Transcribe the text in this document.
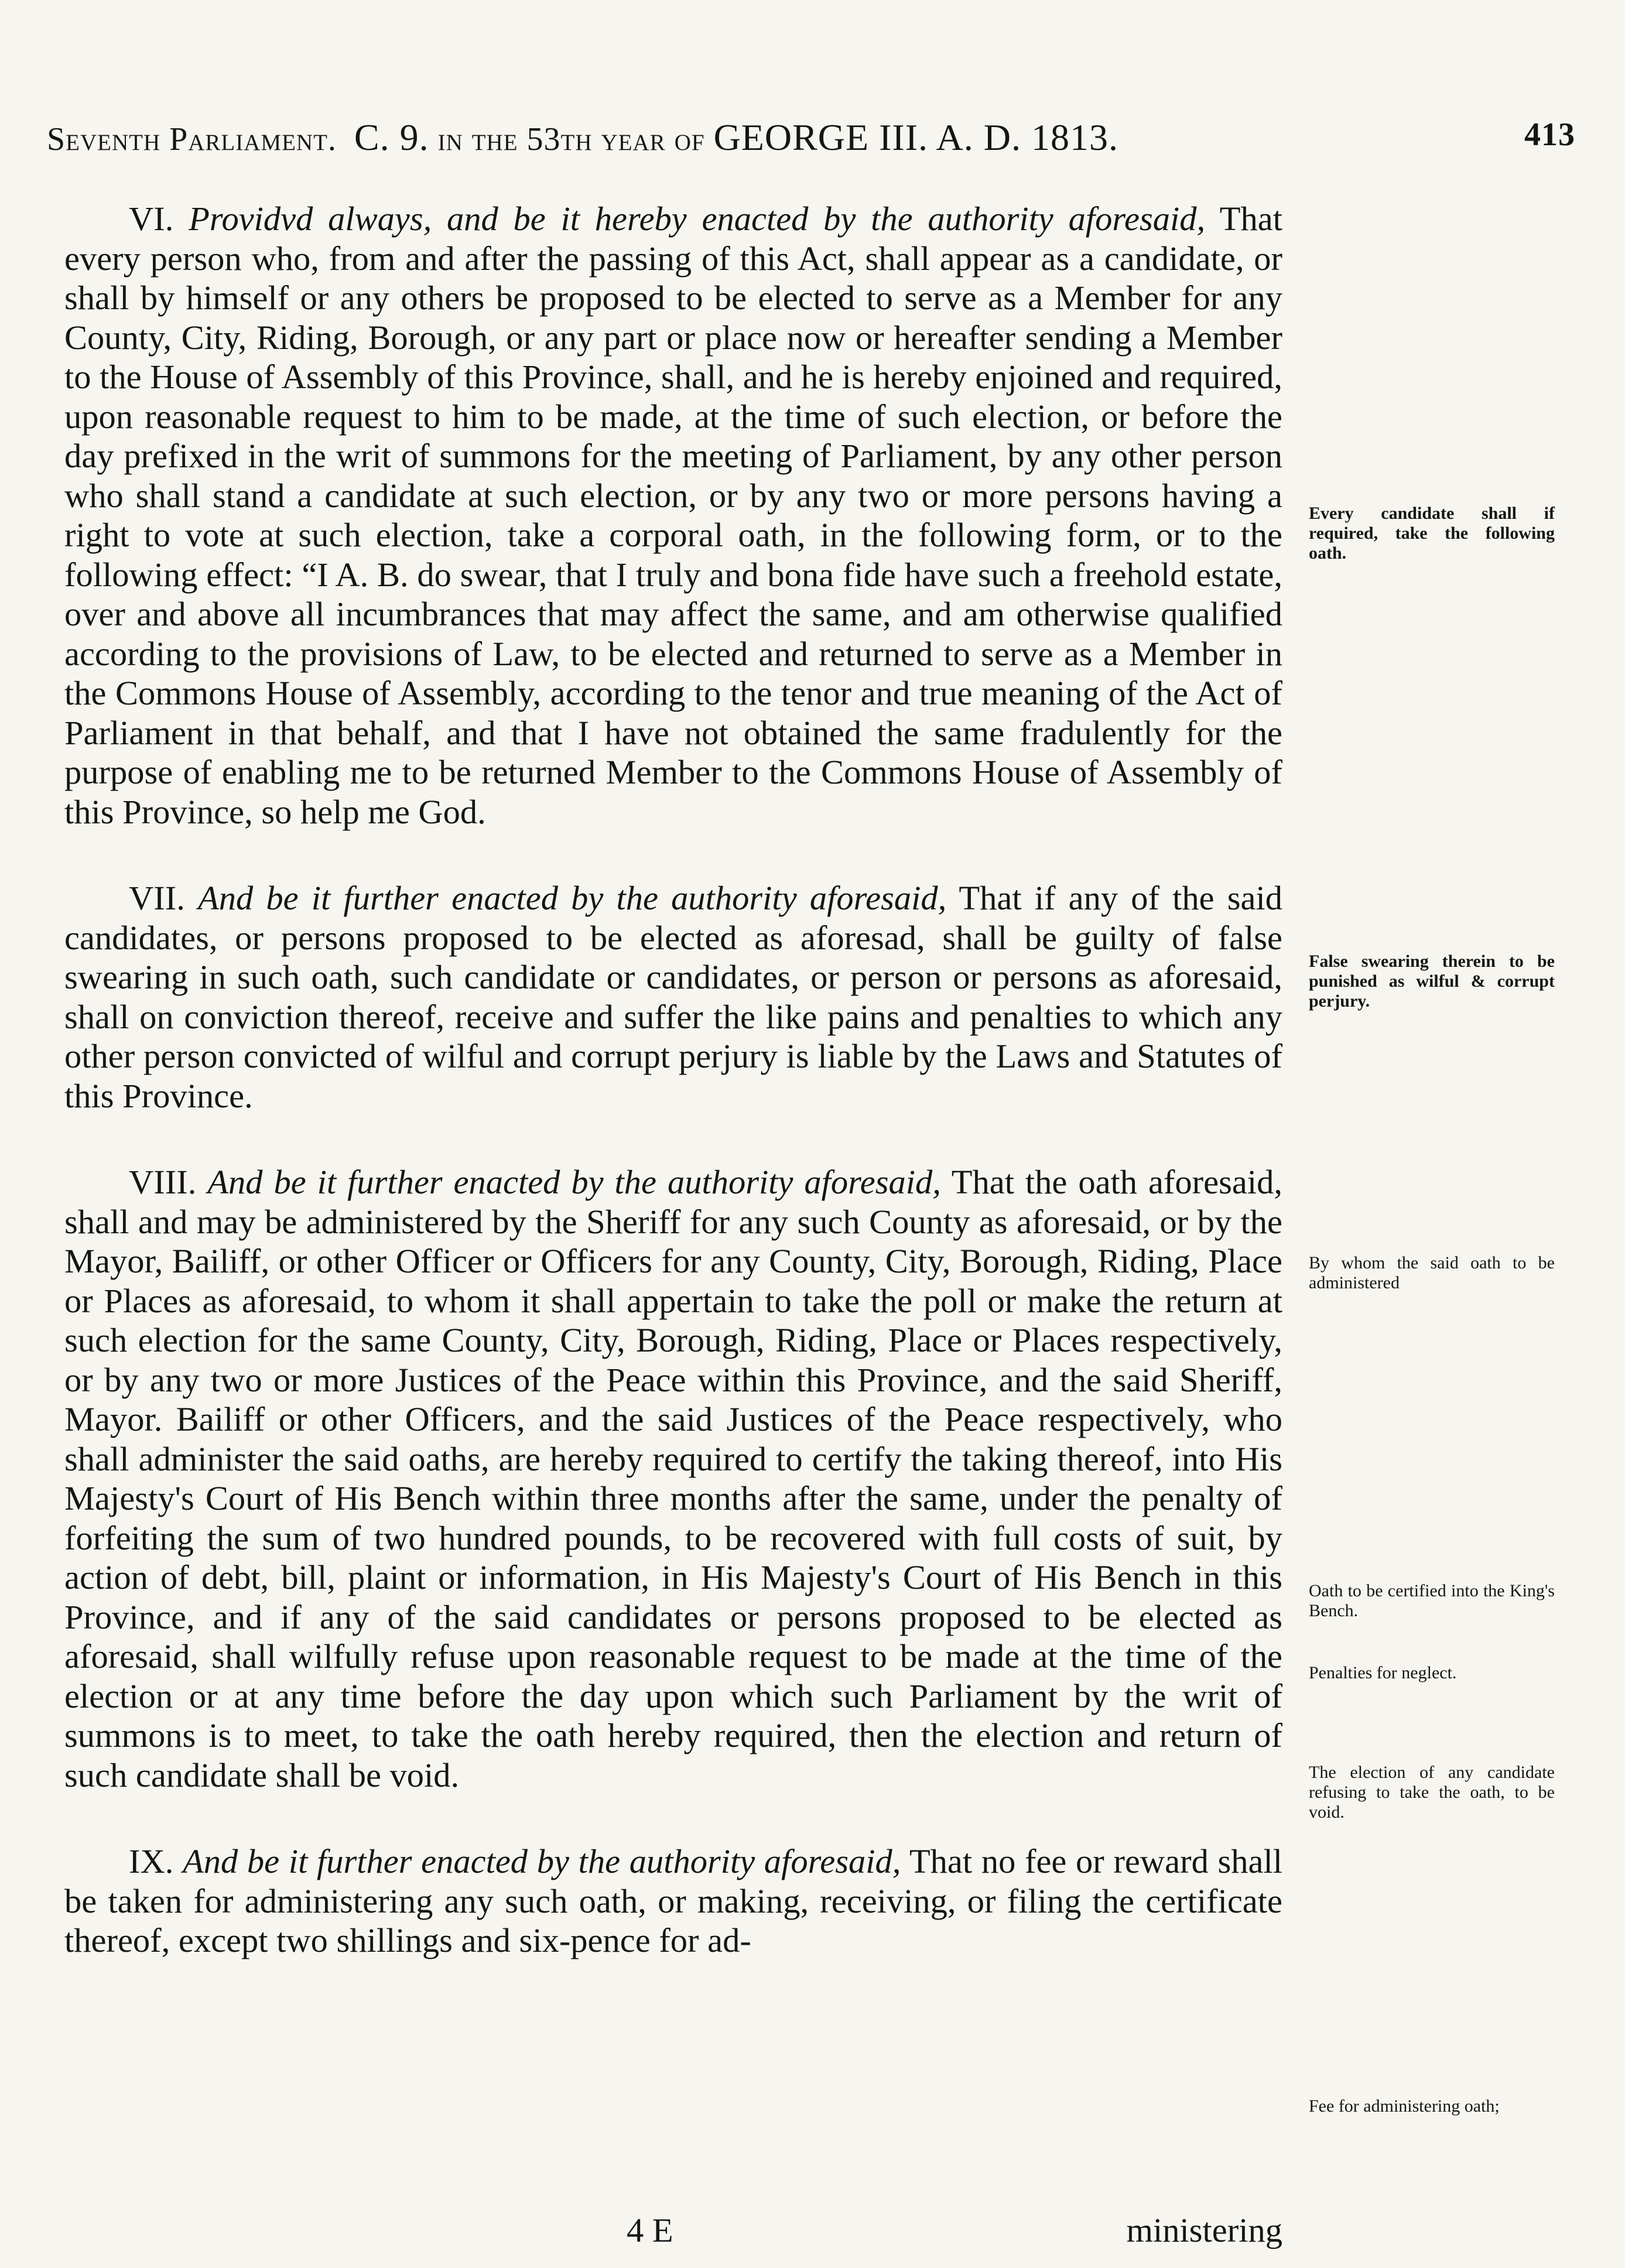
Seventh Parliament. C. 9. in the 53th year of GEORGE III. A. D. 1813.	413

VI. Providvd always, and be it hereby enacted by the authority aforesaid, That every person who, from and after the passing of this Act, shall appear as a candidate, or shall by himself or any others be proposed to be elected to serve as a Member for any County, City, Riding, Borough, or any part or place now or hereafter sending a Member to the House of Assembly of this Province, shall, and he is hereby enjoined and required, upon reasonable request to him to be made, at the time of such election, or before the day prefixed in the writ of summons for the meeting of Parliament, by any other person who shall stand a candidate at such election, or by any two or more persons having a right to vote at such election, take a corporal oath, in the following form, or to the following effect: “I A. B. do swear, that I truly and bona fide have such a freehold estate, over and above all incumbrances that may affect the same, and am otherwise qualified according to the provisions of Law, to be elected and returned to serve as a Member in the Commons House of Assembly, according to the tenor and true meaning of the Act of Parliament in that behalf, and that I have not obtained the same fradulently for the purpose of enabling me to be returned Member to the Commons House of Assembly of this Province, so help me God.

VII. And be it further enacted by the authority aforesaid, That if any of the said candidates, or persons proposed to be elected as aforesad, shall be guilty of false swearing in such oath, such candidate or candidates, or person or persons as aforesaid, shall on conviction thereof, receive and suffer the like pains and penalties to which any other person convicted of wilful and corrupt perjury is liable by the Laws and Statutes of this Province.

VIII. And be it further enacted by the authority aforesaid, That the oath aforesaid, shall and may be administered by the Sheriff for any such County as aforesaid, or by the Mayor, Bailiff, or other Officer or Officers for any County, City, Borough, Riding, Place or Places as aforesaid, to whom it shall appertain to take the poll or make the return at such election for the same County, City, Borough, Riding, Place or Places respectively, or by any two or more Justices of the Peace within this Province, and the said Sheriff, Mayor. Bailiff or other Officers, and the said Justices of the Peace respectively, who shall administer the said oaths, are hereby required to certify the taking thereof, into His Majesty's Court of His Bench within three months after the same, under the penalty of forfeiting the sum of two hundred pounds, to be recovered with full costs of suit, by action of debt, bill, plaint or information, in His Majesty's Court of His Bench in this Province, and if any of the said candidates or persons proposed to be elected as aforesaid, shall wilfully refuse upon reasonable request to be made at the time of the election or at any time before the day upon which such Parliament by the writ of summons is to meet, to take the oath hereby required, then the election and return of such candidate shall be void.

IX. And be it further enacted by the authority aforesaid, That no fee or reward shall be taken for administering any such oath, or making, receiving, or filing the certificate thereof, except two shillings and six-pence for ad-

Every candidate shall if required, take the following oath.
False swearing therein to be punished as wilful & corrupt perjury.
By whom the said oath to be administered
Oath to be certified into the King's Bench.
Penalties for neglect.
The election of any candidate refusing to take the oath, to be void.
Fee for administering oath;
4 E	ministering
